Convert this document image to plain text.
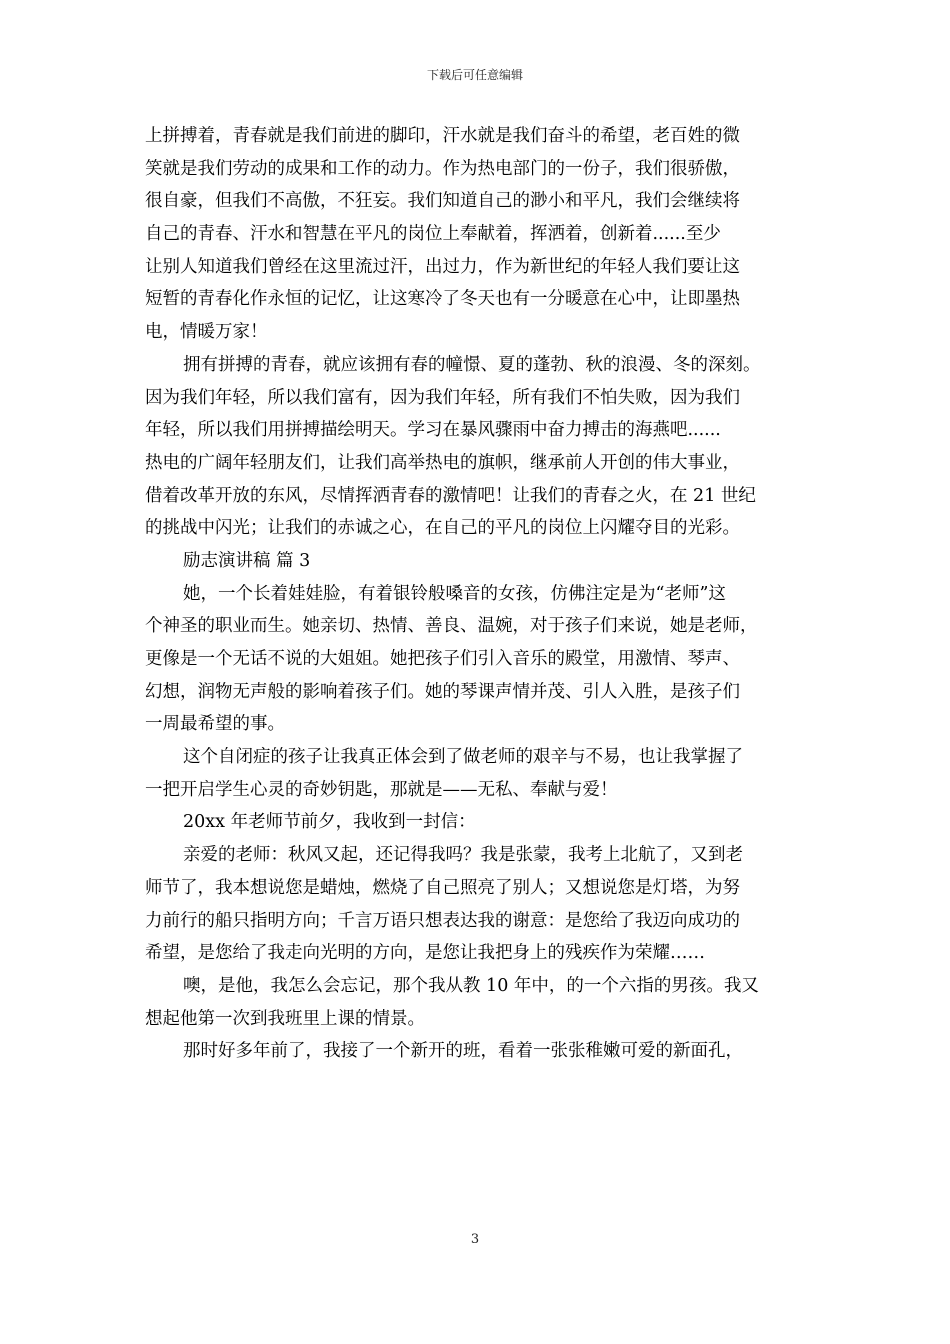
下载后可任意编辑
上拼搏着，青春就是我们前进的脚印，汗水就是我们奋斗的希望，老百姓的微
笑就是我们劳动的成果和工作的动力。作为热电部门的一份子，我们很骄傲，
很自豪，但我们不高傲，不狂妄。我们知道自己的渺小和平凡，我们会继续将
自己的青春、汗水和智慧在平凡的岗位上奉献着，挥洒着，创新着......至少
让别人知道我们曾经在这里流过汗，出过力，作为新世纪的年轻人我们要让这
短暂的青春化作永恒的记忆，让这寒冷了冬天也有一分暖意在心中，让即墨热
电，情暖万家！
拥有拼搏的青春，就应该拥有春的幢憬、夏的蓬勃、秋的浪漫、冬的深刻。
因为我们年轻，所以我们富有，因为我们年轻，所有我们不怕失败，因为我们
年轻，所以我们用拼搏描绘明天。学习在暴风骤雨中奋力搏击的海燕吧......
热电的广阔年轻朋友们，让我们高举热电的旗帜，继承前人开创的伟大事业，
借着改革开放的东风，尽情挥洒青春的激情吧！让我们的青春之火，在 21 世纪
的挑战中闪光；让我们的赤诚之心，在自己的平凡的岗位上闪耀夺目的光彩。
励志演讲稿 篇 3
她，一个长着娃娃脸，有着银铃般嗓音的女孩，仿佛注定是为“老师”这
个神圣的职业而生。她亲切、热情、善良、温婉，对于孩子们来说，她是老师，
更像是一个无话不说的大姐姐。她把孩子们引入音乐的殿堂，用激情、琴声、
幻想，润物无声般的影响着孩子们。她的琴课声情并茂、引人入胜，是孩子们
一周最希望的事。
这个自闭症的孩子让我真正体会到了做老师的艰辛与不易，也让我掌握了
一把开启学生心灵的奇妙钥匙，那就是——无私、奉献与爱！
20xx 年老师节前夕，我收到一封信：
亲爱的老师：秋风又起，还记得我吗？我是张蒙，我考上北航了，又到老
师节了，我本想说您是蜡烛，燃烧了自己照亮了别人；又想说您是灯塔，为努
力前行的船只指明方向；千言万语只想表达我的谢意：是您给了我迈向成功的
希望，是您给了我走向光明的方向，是您让我把身上的残疾作为荣耀……
噢，是他，我怎么会忘记，那个我从教 10 年中，的一个六指的男孩。我又
想起他第一次到我班里上课的情景。
那时好多年前了，我接了一个新开的班，看着一张张稚嫩可爱的新面孔，
3
